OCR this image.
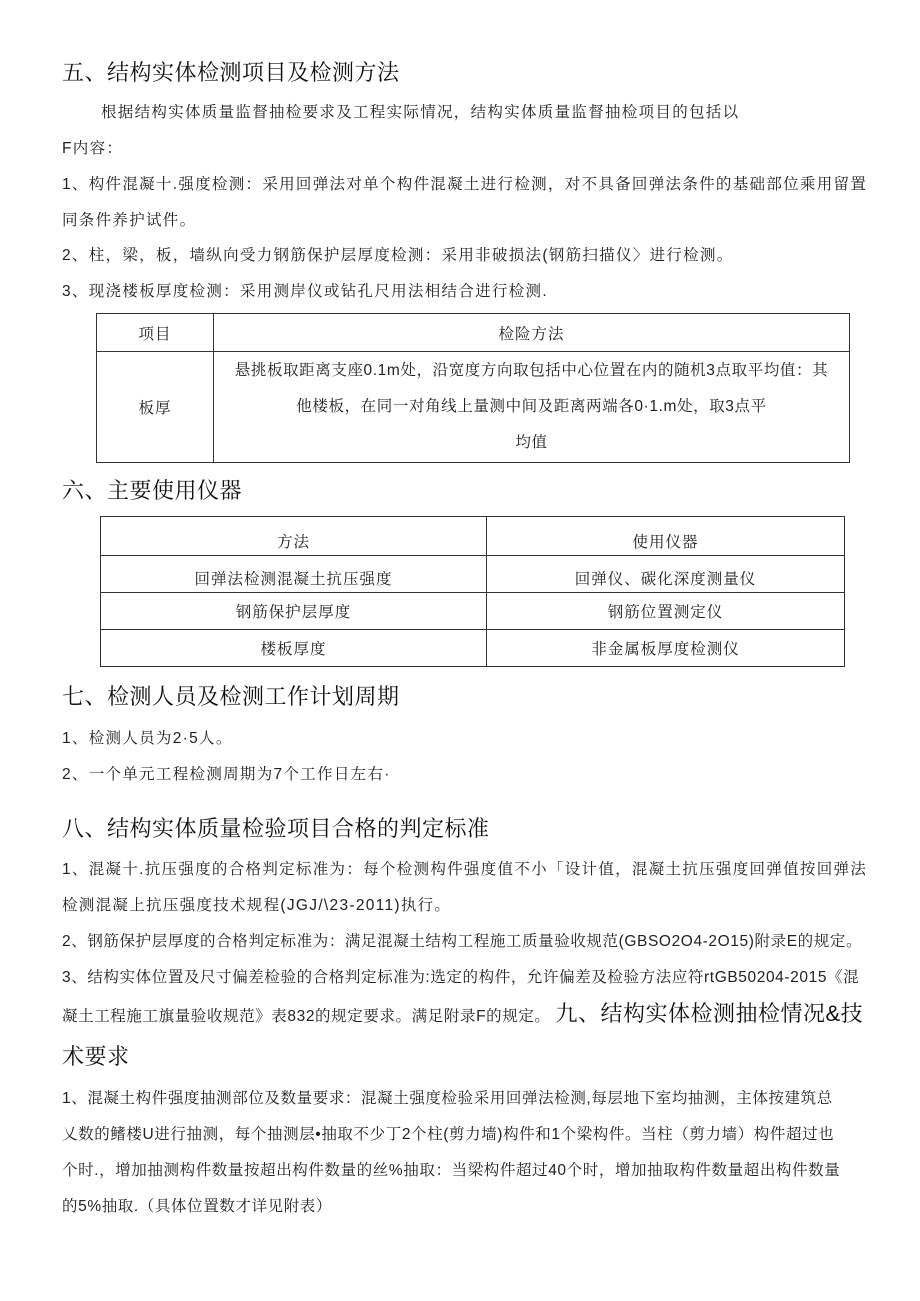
五、结构实体检测项目及检测方法
根据结构实体质量监督抽检要求及工程实际情况，结构实体质量监督抽检项目的包括以
F内容：
1、构件混凝十.强度检测：采用回弹法对单个构件混凝土进行检测，对不具备回弹法条件的基础部位乘用留置
同条件养护试件。
2、柱，梁，板，墙纵向受力钢筋保护层厚度检测：采用非破损法(钢筋扫描仪〉进行检测。
3、现浇楼板厚度检测：采用测岸仪或钻孔尺用法相结合进行检测.
项目	检险方法
板厚	悬挑板取距离支座0.1m处，沿宽度方向取包括中心位置在内的随机3点取平均值：其
他楼板，在同一对角线上量测中间及距离两端各0·1.m处，取3点平
均值
六、主要使用仪器
方法	使用仪器
回弹法检测混凝土抗压强度	回弹仪、碳化深度测量仪
钢筋保护层厚度	钢筋位置测定仪
楼板厚度	非金属板厚度检测仪
七、检测人员及检测工作计划周期
1、检测人员为2·5人。
2、一个单元工程检测周期为7个工作日左右·
八、结构实体质量检验项目合格的判定标准
1、混凝十.抗压强度的合格判定标准为：每个检测构件强度值不小「设计值，混凝土抗压强度回弹值按回弹法
检测混凝上抗压强度技术规程(JGJ/\23-2011)执行。
2、钢筋保护层厚度的合格判定标准为：满足混凝土结构工程施工质量验收规范(GBSO2O4-2O15)附录E的规定。
3、结构实体位置及尺寸偏差检验的合格判定标准为:选定的构件，允许偏差及检验方法应符rtGB50204-2015《混
凝土工程施工旗量验收规范》表832的规定要求。满足附录F的规定。 九、结构实体检测抽检情况&技
术要求
1、混凝土构件强度抽测部位及数量要求：混凝土强度检验采用回弹法检测,每层地下室均抽测，主体按建筑总
乂数的鳍楼U进行抽测，每个抽测层•抽取不少丁2个柱(剪力墙)构件和1个梁构件。当柱（剪力墙）构件超过也
个时.，增加抽测构件数量按超出构件数量的丝%抽取：当梁构件超过40个时，增加抽取构件数量超出构件数量
的5%抽取.（具体位置数才详见附表）
